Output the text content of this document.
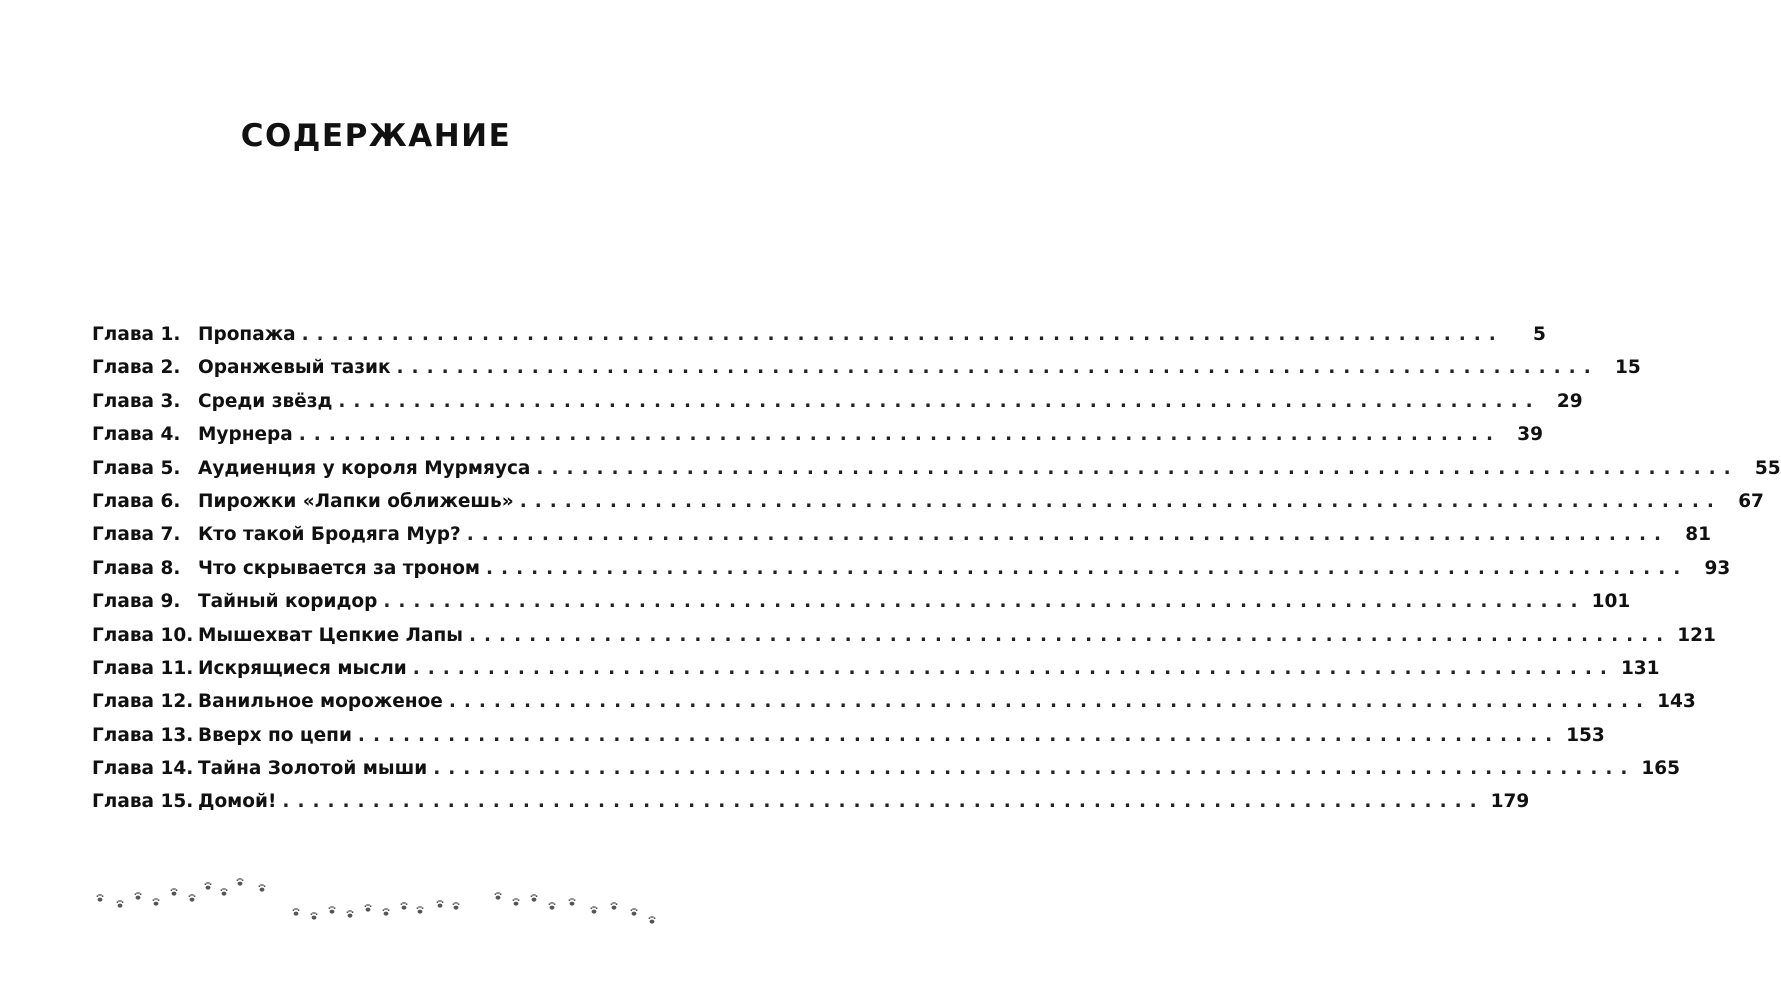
СОДЕРЖАНИЕ
Глава 1. Пропажа ................................................................................	5
Глава 2. Оранжевый тазик ................................................................................ 15
Глава 3. Среди звёзд ................................................................................ 29
Глава 4. Мурнера ................................................................................ 39
Глава 5. Аудиенция у короля Мурмяуса ................................................................................ 55
Глава 6. Пирожки «Лапки оближешь» ................................................................................ 67
Глава 7. Кто такой Бродяга Мур? ................................................................................ 81
Глава 8. Что скрывается за троном ................................................................................ 93
Глава 9. Тайный коридор ................................................................................ 101
Глава 10. Мышехват Цепкие Лапы ................................................................................ 121
Глава 11. Искрящиеся мысли ................................................................................ 131
Глава 12. Ванильное мороженое ................................................................................ 143
Глава 13. Вверх по цепи ................................................................................ 153
Глава 14. Тайна Золотой мыши ................................................................................ 165
Глава 15. Домой! ................................................................................ 179
